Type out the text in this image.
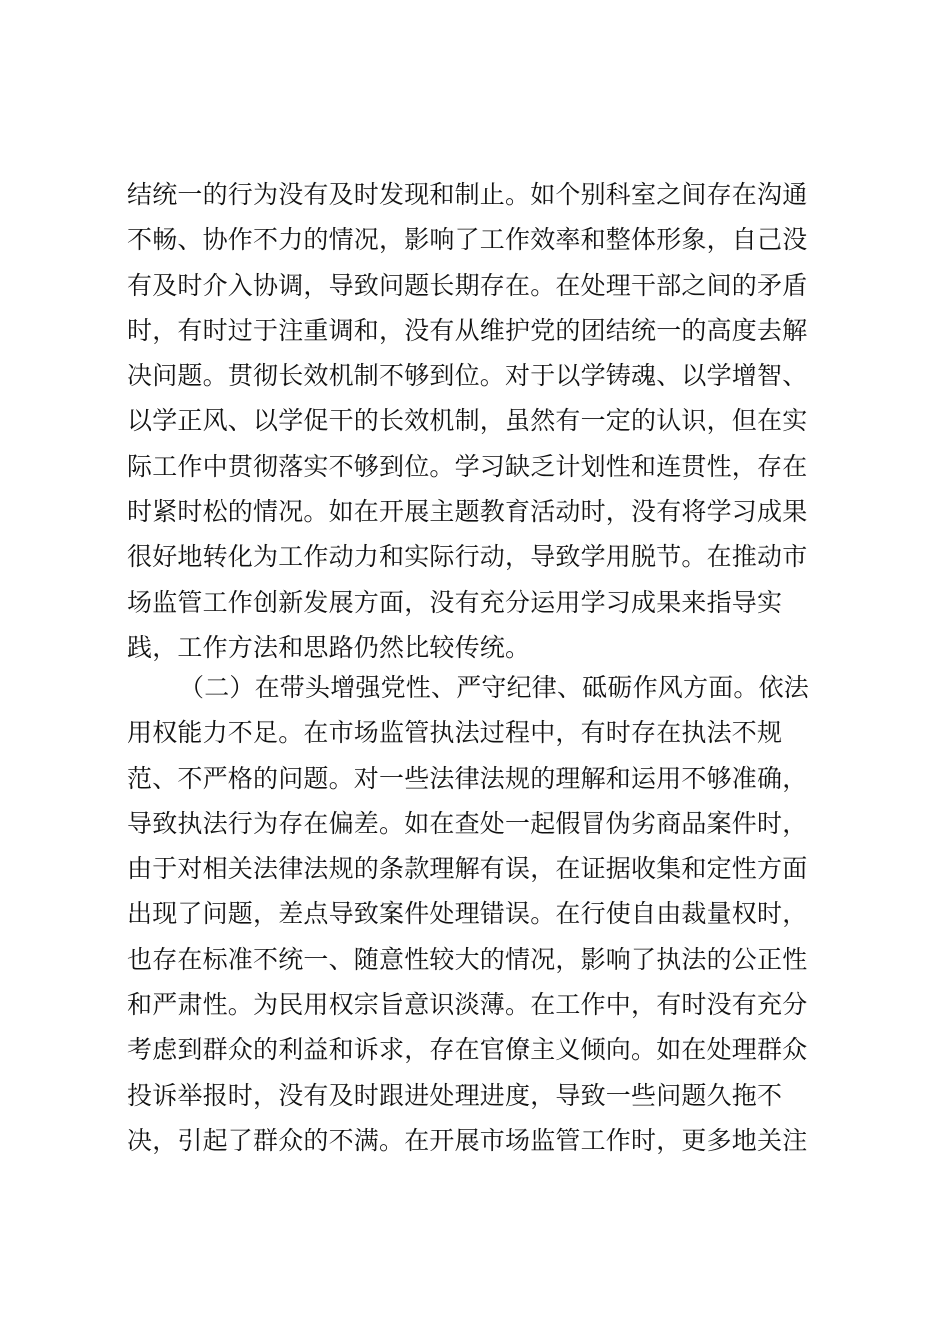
结统一的行为没有及时发现和制止。如个别科室之间存在沟通
不畅、协作不力的情况，影响了工作效率和整体形象，自己没
有及时介入协调，导致问题长期存在。在处理干部之间的矛盾
时，有时过于注重调和，没有从维护党的团结统一的高度去解
决问题。贯彻长效机制不够到位。对于以学铸魂、以学增智、
以学正风、以学促干的长效机制，虽然有一定的认识，但在实
际工作中贯彻落实不够到位。学习缺乏计划性和连贯性，存在
时紧时松的情况。如在开展主题教育活动时，没有将学习成果
很好地转化为工作动力和实际行动，导致学用脱节。在推动市
场监管工作创新发展方面，没有充分运用学习成果来指导实
践，工作方法和思路仍然比较传统。
（二）在带头增强党性、严守纪律、砥砺作风方面。依法
用权能力不足。在市场监管执法过程中，有时存在执法不规
范、不严格的问题。对一些法律法规的理解和运用不够准确，
导致执法行为存在偏差。如在查处一起假冒伪劣商品案件时，
由于对相关法律法规的条款理解有误，在证据收集和定性方面
出现了问题，差点导致案件处理错误。在行使自由裁量权时，
也存在标准不统一、随意性较大的情况，影响了执法的公正性
和严肃性。为民用权宗旨意识淡薄。在工作中，有时没有充分
考虑到群众的利益和诉求，存在官僚主义倾向。如在处理群众
投诉举报时，没有及时跟进处理进度，导致一些问题久拖不
决，引起了群众的不满。在开展市场监管工作时，更多地关注
